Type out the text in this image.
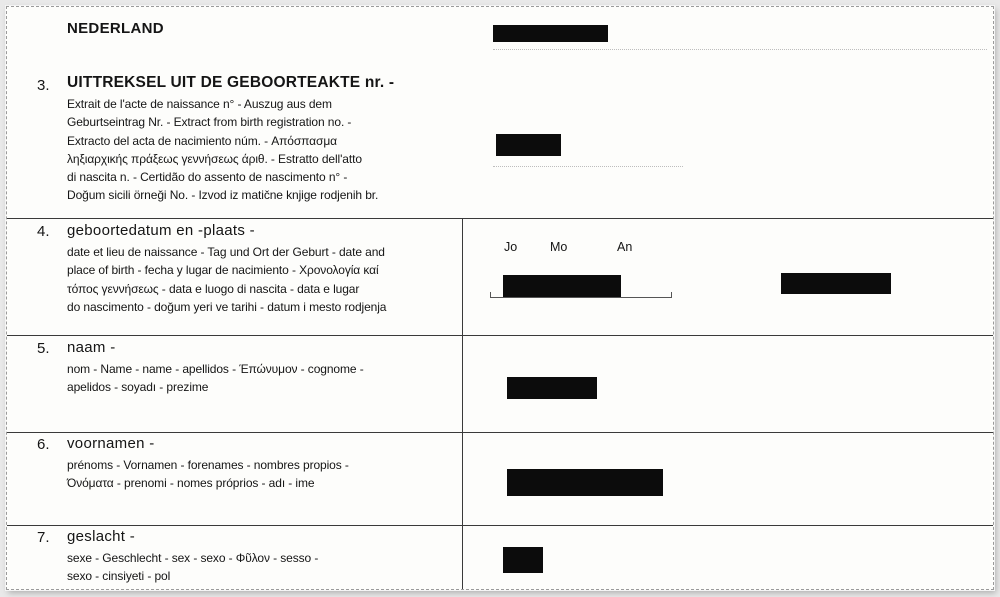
NEDERLAND
3. UITTREKSEL UIT DE GEBOORTEAKTE nr. -
Extrait de l'acte de naissance n° - Auszug aus dem
Geburtseintrag Nr. - Extract from birth registration no. -
Extracto del acta de nacimiento núm. - Απόσπασμα
ληξιαρχικής πράξεως γεννήσεως άριθ. - Estratto dell'atto
di nascita n. - Certidão do assento de nascimento n° -
Doğum sicili örneği No. - Izvod iz matične knjige rodjenih br.
4. geboortedatum en -plaats -
date et lieu de naissance - Tag und Ort der Geburt - date and
place of birth - fecha y lugar de nacimiento - Χρονολογία καί
τόπος γεννήσεως - data e luogo di nascita - data e lugar
do nascimento - doğum yeri ve tarihi - datum i mesto rodjenja
Jo	Mo	An
5. naam -
nom - Name - name - apellidos - Έπώνυμον - cognome -
apelidos - soyadı - prezime
6. voornamen -
prénoms - Vornamen - forenames - nombres propios -
Όνόματα - prenomi - nomes próprios - adı - ime
7. geslacht -
sexe - Geschlecht - sex - sexo - Φῦλον - sesso -
sexo - cinsiyeti - pol
